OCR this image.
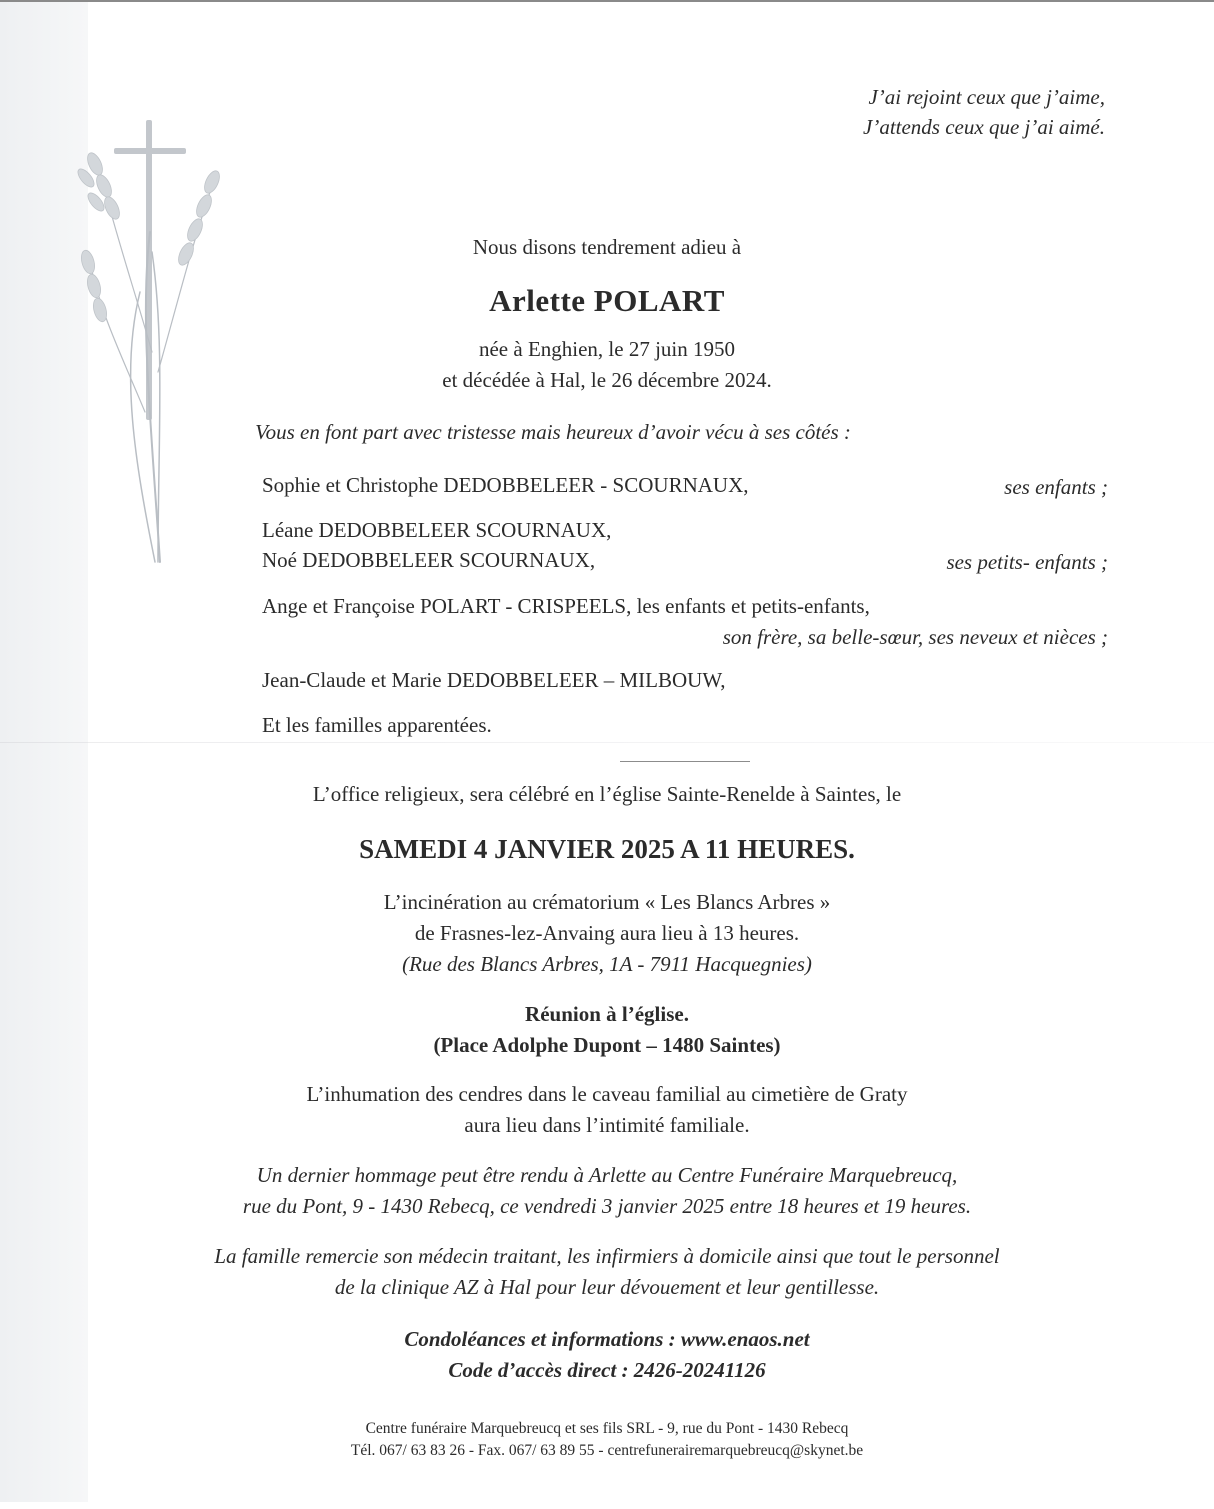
J’ai rejoint ceux que j’aime,
J’attends ceux que j’ai aimé.
Nous disons tendrement adieu à
Arlette POLART
née à Enghien, le 27 juin 1950
et décédée à Hal, le 26 décembre 2024.
Vous en font part avec tristesse mais heureux d’avoir vécu à ses côtés :
Sophie et Christophe DEDOBBELEER - SCOURNAUX,	ses enfants ;
Léane DEDOBBELEER SCOURNAUX,
Noé DEDOBBELEER SCOURNAUX,	ses petits- enfants ;
Ange et Françoise POLART - CRISPEELS, les enfants et petits-enfants,
son frère, sa belle-sœur, ses neveux et nièces ;
Jean-Claude et Marie DEDOBBELEER – MILBOUW,
Et les familles apparentées.
L’office religieux, sera célébré en l’église Sainte-Renelde à Saintes, le
SAMEDI 4 JANVIER 2025 A 11 HEURES.
L’incinération au crématorium « Les Blancs Arbres »
de Frasnes-lez-Anvaing aura lieu à 13 heures.
(Rue des Blancs Arbres, 1A - 7911 Hacquegnies)
Réunion à l’église.
(Place Adolphe Dupont – 1480 Saintes)
L’inhumation des cendres dans le caveau familial au cimetière de Graty
aura lieu dans l’intimité familiale.
Un dernier hommage peut être rendu à Arlette au Centre Funéraire Marquebreucq,
rue du Pont, 9 - 1430 Rebecq, ce vendredi 3 janvier 2025 entre 18 heures et 19 heures.
La famille remercie son médecin traitant, les infirmiers à domicile ainsi que tout le personnel
de la clinique AZ à Hal pour leur dévouement et leur gentillesse.
Condoléances et informations : www.enaos.net
Code d’accès direct : 2426-20241126
Centre funéraire Marquebreucq et ses fils SRL - 9, rue du Pont - 1430 Rebecq
Tél. 067/ 63 83 26 - Fax. 067/ 63 89 55 - centrefunerairemarquebreucq@skynet.be
